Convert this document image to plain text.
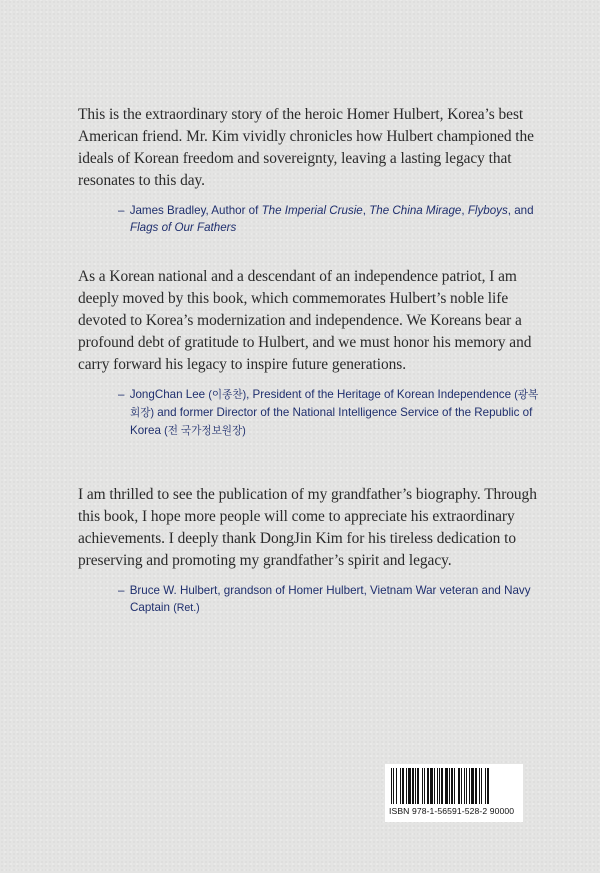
This is the extraordinary story of the heroic Homer Hulbert, Korea’s best American friend. Mr. Kim vividly chronicles how Hulbert championed the ideals of Korean freedom and sovereignty, leaving a lasting legacy that resonates to this day.

– James Bradley, Author of The Imperial Crusie, The China Mirage, Flyboys, and Flags of Our Fathers

As a Korean national and a descendant of an independence patriot, I am deeply moved by this book, which commemorates Hulbert’s noble life devoted to Korea’s modernization and independence. We Koreans bear a profound debt of gratitude to Hulbert, and we must honor his memory and carry forward his legacy to inspire future generations.

– JongChan Lee (이종찬), President of the Heritage of Korean Independence (광복회장) and former Director of the National Intelligence Service of the Republic of Korea (전 국가정보원장)

I am thrilled to see the publication of my grandfather’s biography. Through this book, I hope more people will come to appreciate his extraordinary achievements. I deeply thank DongJin Kim for his tireless dedication to preserving and promoting my grandfather’s spirit and legacy.

– Bruce W. Hulbert, grandson of Homer Hulbert, Vietnam War veteran and Navy Captain (Ret.)
ISBN 978-1-56591-528-2 90000
